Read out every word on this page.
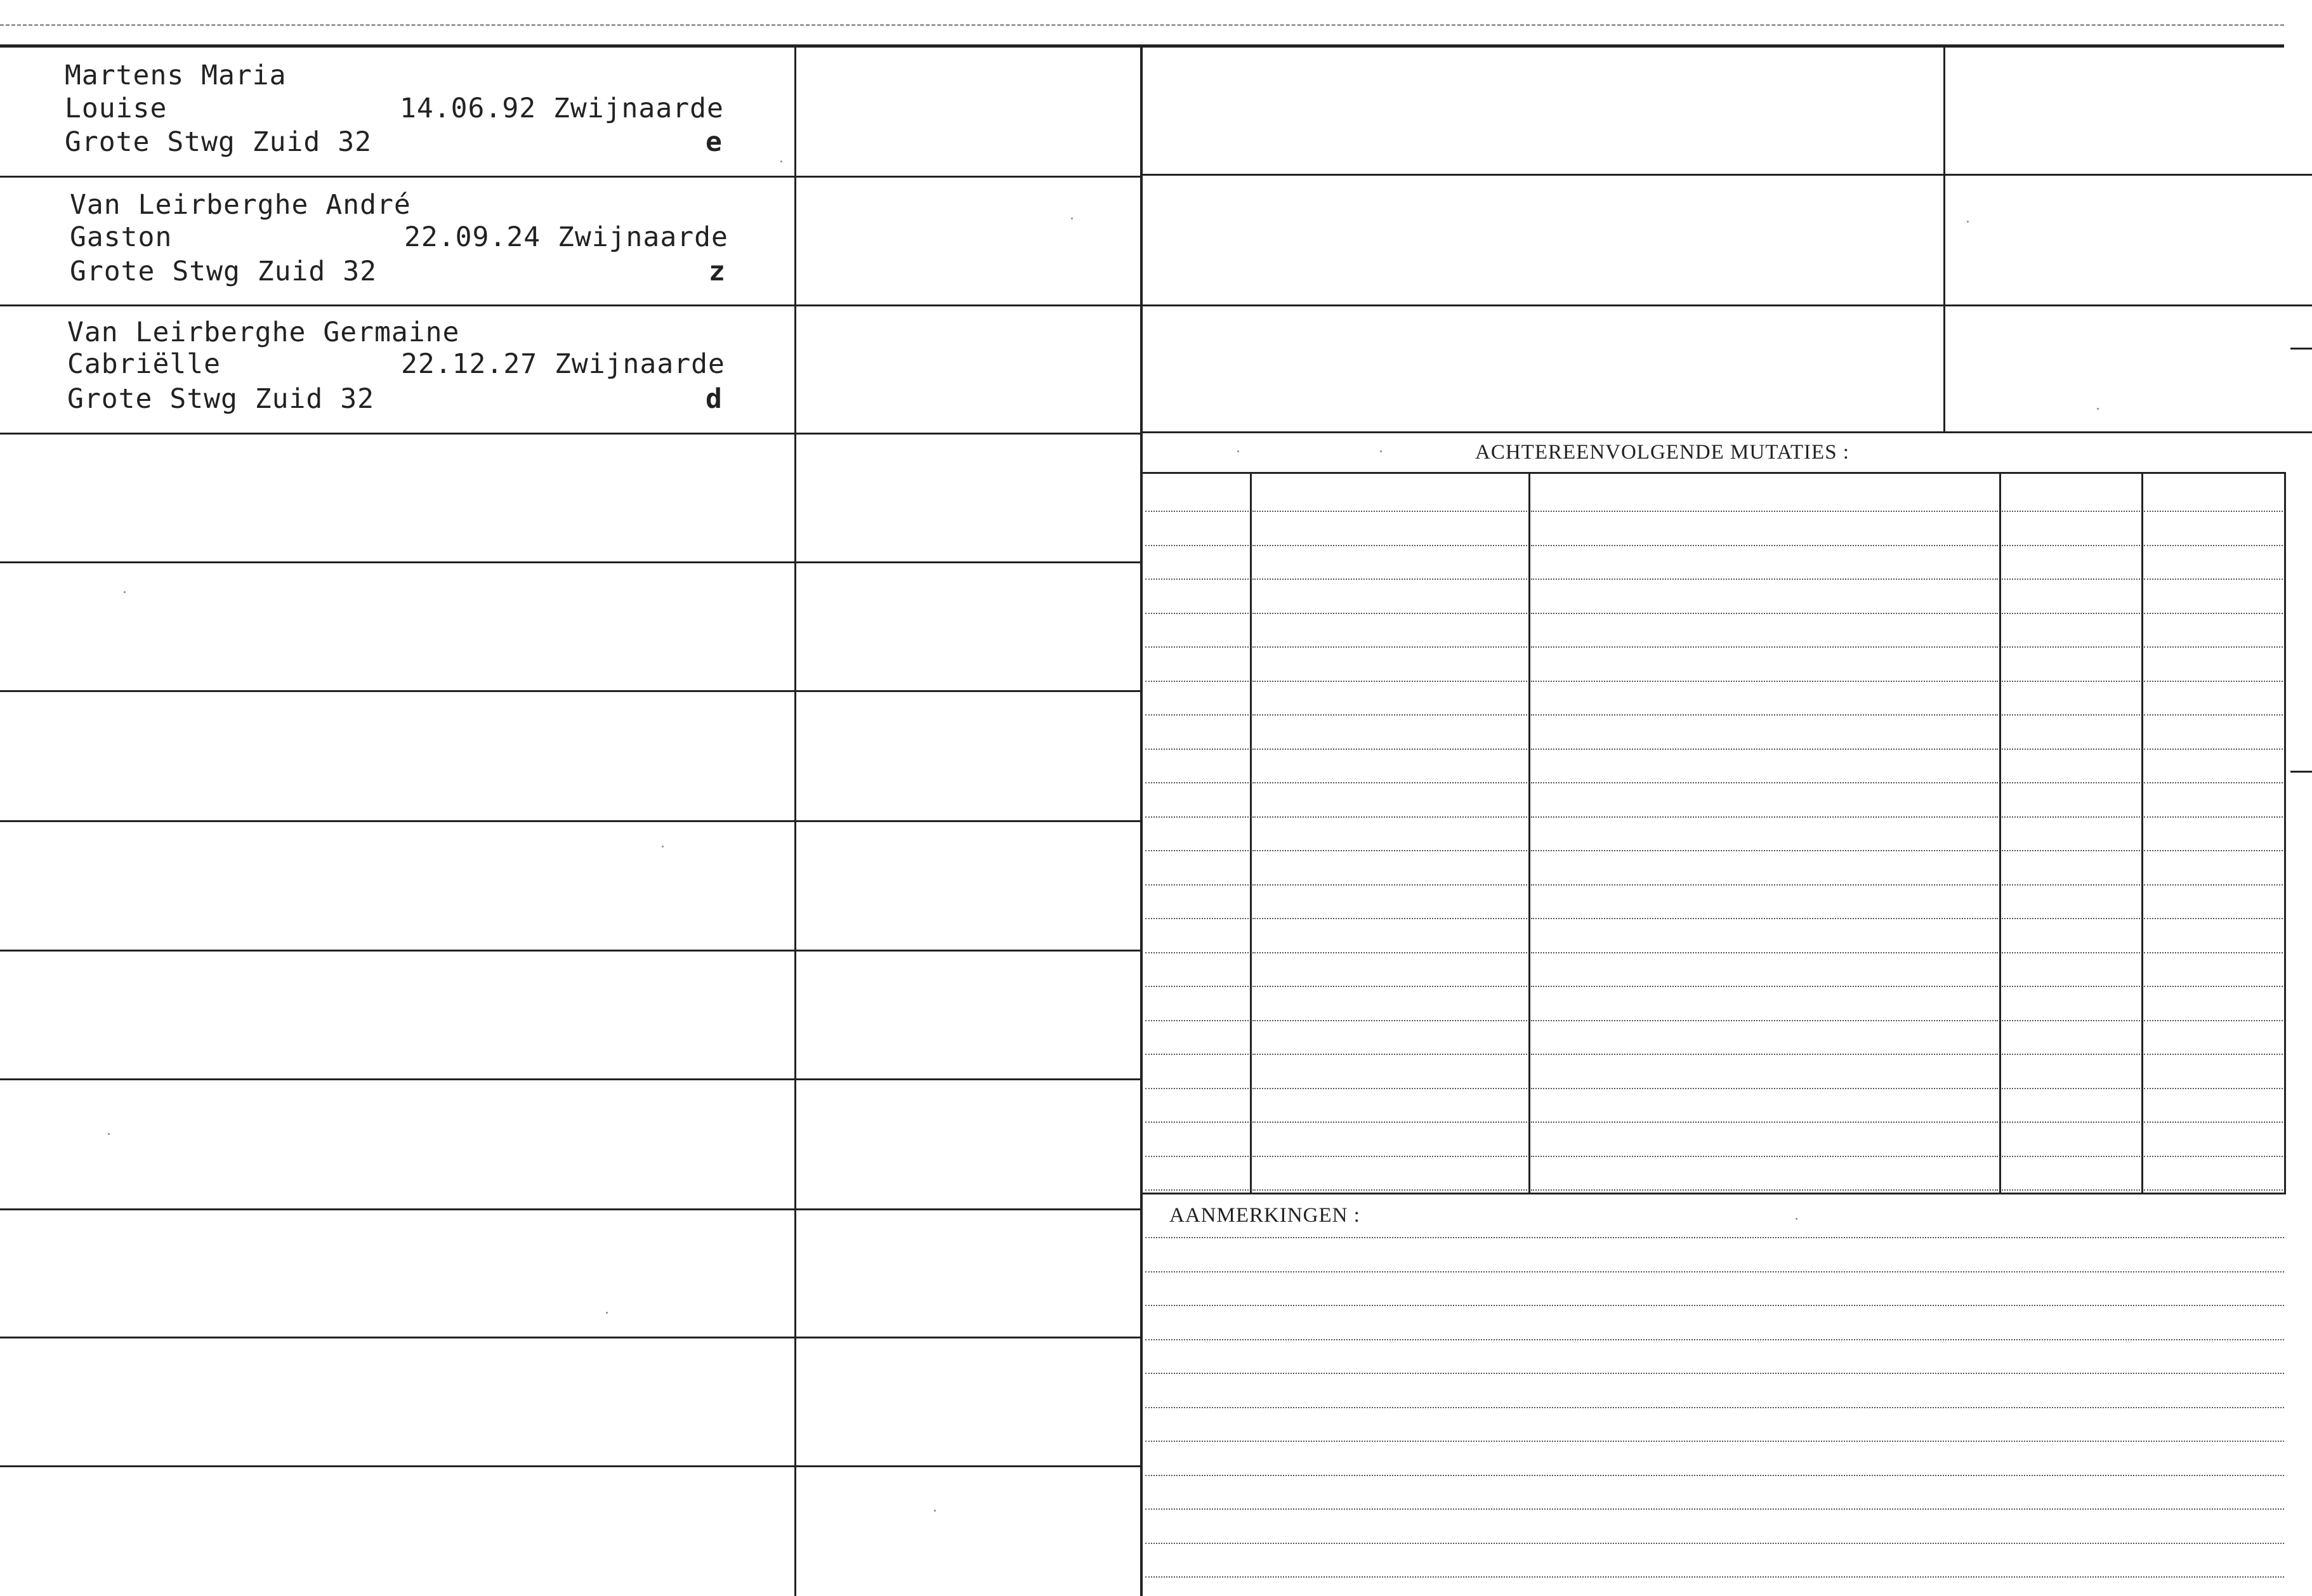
ACHTEREENVOLGENDE MUTATIES :
AANMERKINGEN :
Martens Maria
Louise	14.06.92 Zwijnaarde
Grote Stwg Zuid 32	e
Van Leirberghe André
Gaston	22.09.24 Zwijnaarde
Grote Stwg Zuid 32	z
Van Leirberghe Germaine
Cabriëlle	22.12.27 Zwijnaarde
Grote Stwg Zuid 32	d
